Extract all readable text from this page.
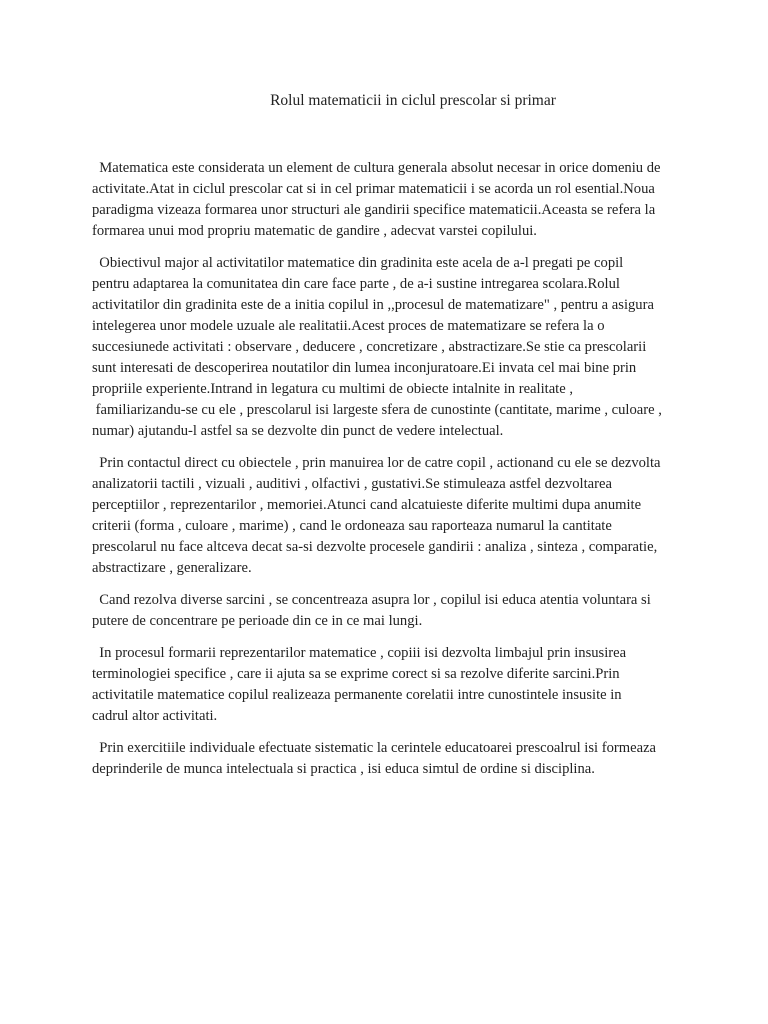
Rolul matematicii in ciclul prescolar si primar

Matematica este considerata un element de cultura generala absolut necesar in orice domeniu de
activitate.Atat in ciclul prescolar cat si in cel primar matematicii i se acorda un rol esential.Noua
paradigma vizeaza formarea unor structuri ale gandirii specifice matematicii.Aceasta se refera la
formarea unui mod propriu matematic de gandire , adecvat varstei copilului.

Obiectivul major al activitatilor matematice din gradinita este acela de a-l pregati pe copil
pentru adaptarea la comunitatea din care face parte , de a-i sustine intregarea scolara.Rolul
activitatilor din gradinita este de a initia copilul in ,,procesul de matematizare" , pentru a asigura
intelegerea unor modele uzuale ale realitatii.Acest proces de matematizare se refera la o
succesiunede activitati : observare , deducere , concretizare , abstractizare.Se stie ca prescolarii
sunt interesati de descoperirea noutatilor din lumea inconjuratoare.Ei invata cel mai bine prin
propriile experiente.Intrand in legatura cu multimi de obiecte intalnite in realitate ,
familiarizandu-se cu ele , prescolarul isi largeste sfera de cunostinte (cantitate, marime , culoare ,
numar) ajutandu-l astfel sa se dezvolte din punct de vedere intelectual.

Prin contactul direct cu obiectele , prin manuirea lor de catre copil , actionand cu ele se dezvolta
analizatorii tactili , vizuali , auditivi , olfactivi , gustativi.Se stimuleaza astfel dezvoltarea
perceptiilor , reprezentarilor , memoriei.Atunci cand alcatuieste diferite multimi dupa anumite
criterii (forma , culoare , marime) , cand le ordoneaza sau raporteaza numarul la cantitate
prescolarul nu face altceva decat sa-si dezvolte procesele gandirii : analiza , sinteza , comparatie,
abstractizare , generalizare.

Cand rezolva diverse sarcini , se concentreaza asupra lor , copilul isi educa atentia voluntara si
putere de concentrare pe perioade din ce in ce mai lungi.

In procesul formarii reprezentarilor matematice , copiii isi dezvolta limbajul prin insusirea
terminologiei specifice , care ii ajuta sa se exprime corect si sa rezolve diferite sarcini.Prin
activitatile matematice copilul realizeaza permanente corelatii intre cunostintele insusite in
cadrul altor activitati.

Prin exercitiile individuale efectuate sistematic la cerintele educatoarei prescoalrul isi formeaza
deprinderile de munca intelectuala si practica , isi educa simtul de ordine si disciplina.
